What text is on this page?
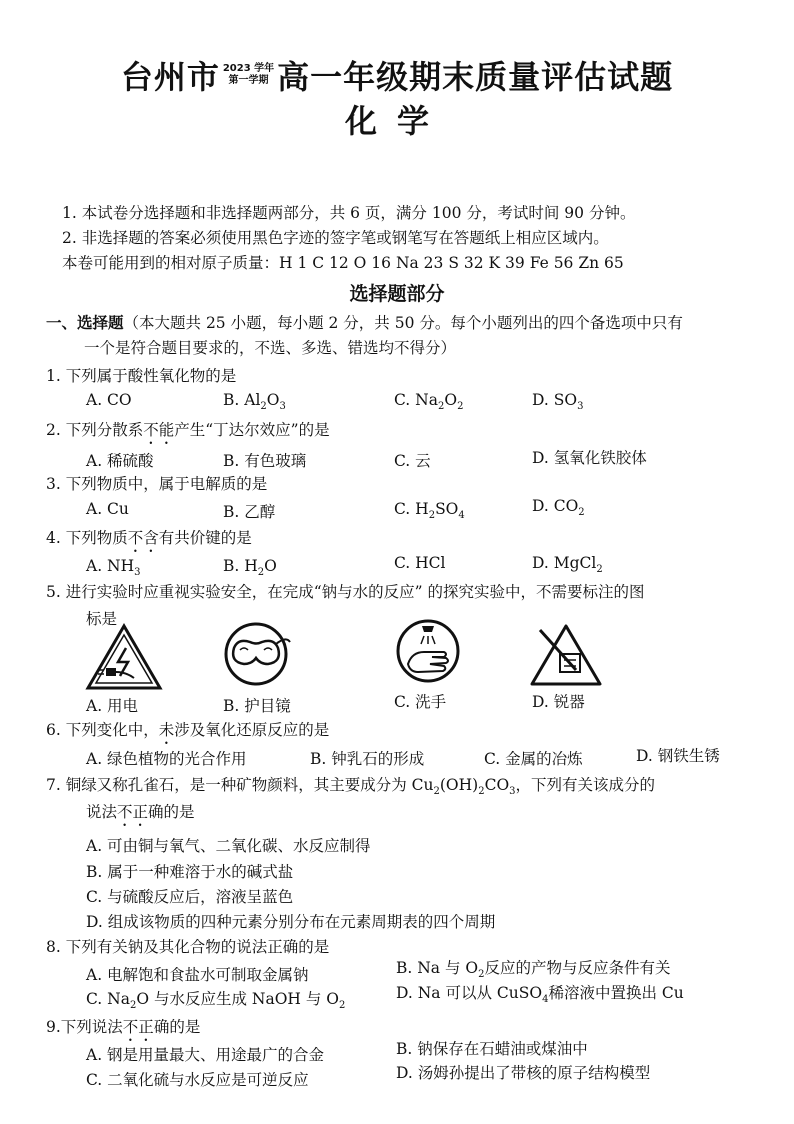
台州市 2023 学年
第一学期 高一年级期末质量评估试题
化学
1. 本试卷分选择题和非选择题两部分，共 6 页，满分 100 分，考试时间 90 分钟。
2. 非选择题的答案必须使用黑色字迹的签字笔或钢笔写在答题纸上相应区域内。
本卷可能用到的相对原子质量：H 1 C 12 O 16 Na 23 S 32 K 39 Fe 56 Zn 65
选择题部分
一、选择题（本大题共 25 小题，每小题 2 分，共 50 分。每个小题列出的四个备选项中只有
一个是符合题目要求的，不选、多选、错选均不得分）
1. 下列属于酸性氧化物的是
A. CO	B. $Al_2O_3$	C. $Na_2O_2$	D. $SO_3$
2. 下列分散系不能产生“丁达尔效应”的是
A. 稀硫酸	B. 有色玻璃	C. 云	D. 氢氧化铁胶体
3. 下列物质中，属于电解质的是
A. Cu	B. 乙醇	C. $H_2SO_4$
D. $CO_2$
4. 下列物质不含有共价键的是
A. $NH_3$	B. $H_2O$	C. HCl	D. MgCl$_2$
5. 进行实验时应重视实验安全，在完成“钠与水的反应” 的探究实验中，不需要标注的图
标是
A. 用电	B. 护目镜	C. 洗手	D. 锐器
6. 下列变化中，未涉及氧化还原反应的是
A. 绿色植物的光合作用	B. 钟乳石的形成	C. 金属的冶炼	D. 钢铁生锈
7. 铜绿又称孔雀石，是一种矿物颜料，其主要成分为 $Cu_2(OH)_2CO_3$，下列有关该成分的
说法不正确的是
A. 可由铜与氧气、二氧化碳、水反应制得
B. 属于一种难溶于水的碱式盐
C. 与硫酸反应后，溶液呈蓝色
D. 组成该物质的四种元素分别分布在元素周期表的四个周期
8. 下列有关钠及其化合物的说法正确的是
A. 电解饱和食盐水可制取金属钠	B. Na 与 $O_2$反应的产物与反应条件有关
C. $Na_2O$ 与水反应生成 NaOH 与 $O_2$
D. Na 可以从 CuSO$_4$稀溶液中置换出 Cu
9.下列说法不正确的是
A. 钢是用量最大、用途最广的合金	B. 钠保存在石蜡油或煤油中
C. 二氧化硫与水反应是可逆反应	D. 汤姆孙提出了带核的原子结构模型
